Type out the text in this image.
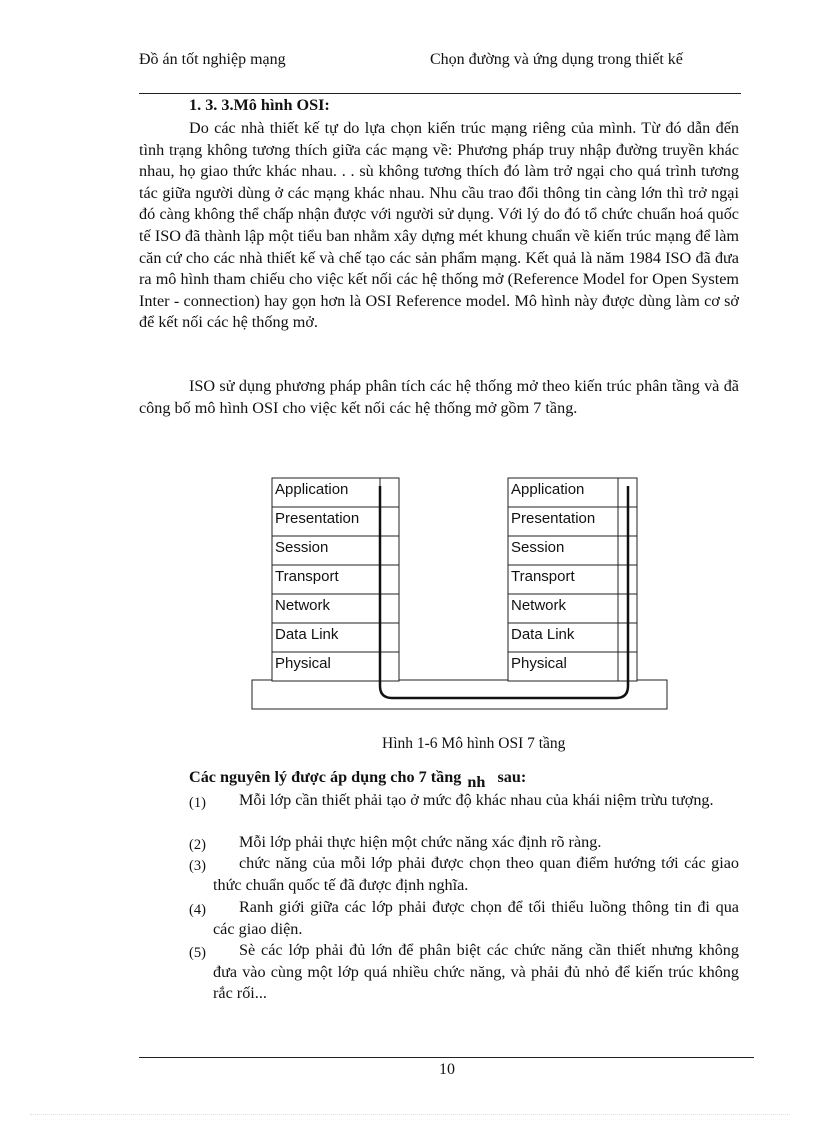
Đồ án tốt nghiệp mạng	Chọn đường và ứng dụng trong thiết kế
1. 3. 3.Mô hình OSI:

Do các nhà thiết kế tự do lựa chọn kiến trúc mạng riêng của mình. Từ đó dẫn đến tình trạng không tương thích giữa các mạng về: Phương pháp truy nhập đường truyền khác nhau, họ giao thức khác nhau. . . sù không tương thích đó làm trở ngại cho quá trình tương tác giữa người dùng ở các mạng khác nhau. Nhu cầu trao đổi thông tin càng lớn thì trở ngại đó càng không thể chấp nhận được với người sử dụng. Với lý do đó tổ chức chuẩn hoá quốc tế ISO đã thành lập một tiểu ban nhằm xây dựng mét khung chuẩn về kiến trúc mạng để làm căn cứ cho các nhà thiết kế và chế tạo các sản phẩm mạng. Kết quả là năm 1984 ISO đã đưa ra mô hình tham chiếu cho việc kết nối các hệ thống mở (Reference Model for Open System Inter - connection) hay gọn hơn là OSI Reference model. Mô hình này được dùng làm cơ sở để kết nối các hệ thống mở.

ISO sử dụng phương pháp phân tích các hệ thống mở theo kiến trúc phân tầng và đã công bố mô hình OSI cho việc kết nối các hệ thống mở gồm 7 tầng.

Application
Presentation
Session
Transport
Network
Data Link
Physical
Application
Presentation
Session
Transport
Network
Data Link
Physical
Hình 1-6 Mô hình OSI 7 tầng
Các nguyên lý được áp dụng cho 7 tầng nh sau:
(1)	Mỗi lớp cần thiết phải tạo ở mức độ khác nhau của khái niệm trừu tượng.
(2)	Mỗi lớp phải thực hiện một chức năng xác định rõ ràng.
(3)	chức năng của mỗi lớp phải được chọn theo quan điểm hướng tới các giao thức chuẩn quốc tế đã được định nghĩa.
(4)	Ranh giới giữa các lớp phải được chọn để tối thiểu luồng thông tin đi qua các giao diện.
(5)	Sè các lớp phải đủ lớn để phân biệt các chức năng cần thiết nhưng không đưa vào cùng một lớp quá nhiều chức năng, và phải đủ nhỏ để kiến trúc không rắc rối...
10
